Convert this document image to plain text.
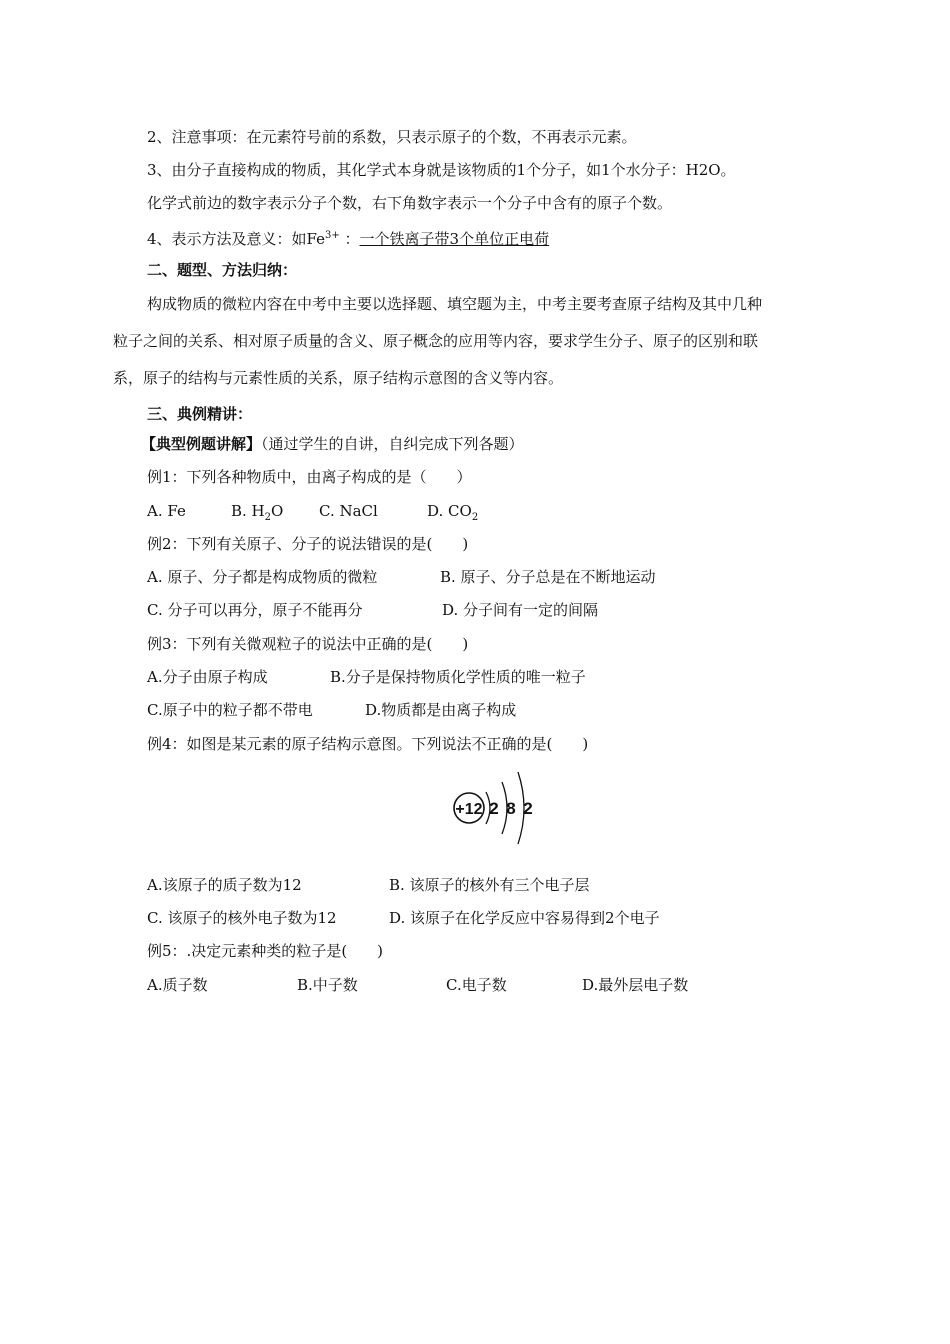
2、注意事项：在元素符号前的系数，只表示原子的个数，不再表示元素。
3、由分子直接构成的物质，其化学式本身就是该物质的1个分子，如1个水分子：H2O。
化学式前边的数字表示分子个数，右下角数字表示一个分子中含有的原子个数。
4、表示方法及意义：如$Fe^{3+}$ ：一个铁离子带3个单位正电荷
二、题型、方法归纳：
构成物质的微粒内容在中考中主要以选择题、填空题为主，中考主要考查原子结构及其中几种
粒子之间的关系、相对原子质量的含义、原子概念的应用等内容，要求学生分子、原子的区别和联
系，原子的结构与元素性质的关系，原子结构示意图的含义等内容。
三、典例精讲：
【典型例题讲解】（通过学生的自讲，自纠完成下列各题）
例1：下列各种物质中，由离子构成的是（　　）
A. Fe	B. $H_2O$ C. NaCl	D. $CO_2$
例2：下列有关原子、分子的说法错误的是(　　)
A. 原子、分子都是构成物质的微粒	B. 原子、分子总是在不断地运动
C. 分子可以再分，原子不能再分	D. 分子间有一定的间隔
例3：下列有关微观粒子的说法中正确的是(　　)
A.分子由原子构成	B.分子是保持物质化学性质的唯一粒子
C.原子中的粒子都不带电	D.物质都是由离子构成
例4：如图是某元素的原子结构示意图。下列说法不正确的是(　　)
+12 2 8 2
A.该原子的质子数为12	B. 该原子的核外有三个电子层
C. 该原子的核外电子数为12	D. 该原子在化学反应中容易得到2个电子
例5：.决定元素种类的粒子是(　　)
A.质子数	B.中子数	C.电子数	D.最外层电子数
